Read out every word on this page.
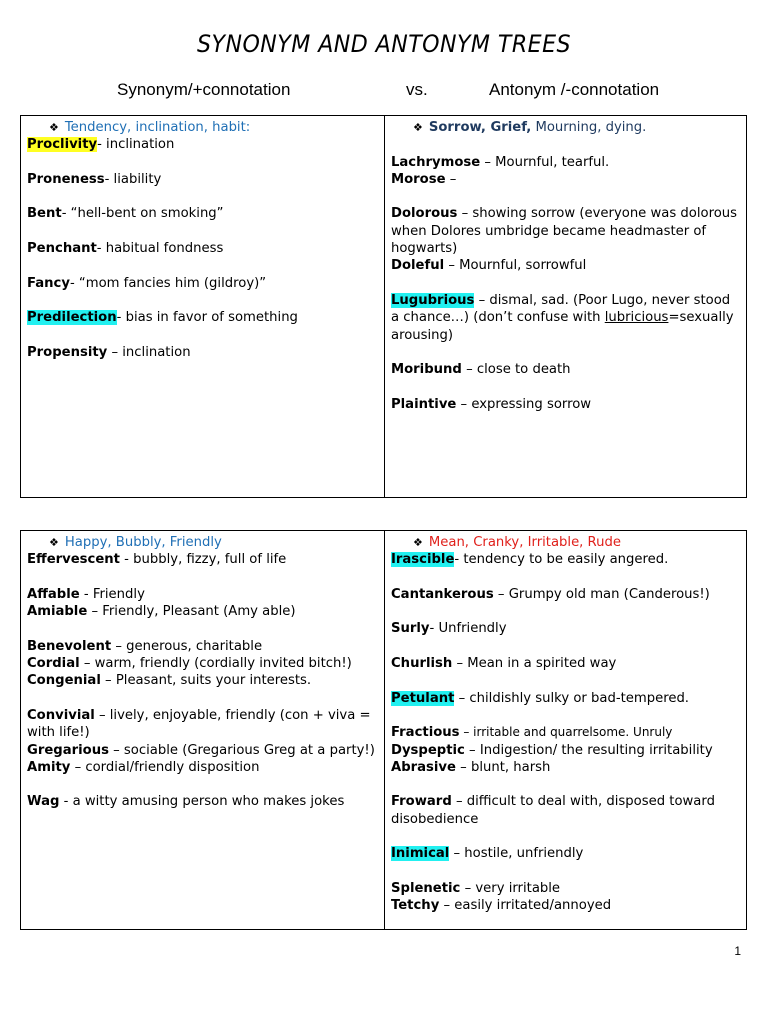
SYNONYM AND ANTONYM TREES
Synonym/+connotation	vs.	Antonym /-connotation
❖ Tendency, inclination, habit:
Proclivity- inclination
Proneness- liability
Bent- “hell-bent on smoking”
Penchant- habitual fondness
Fancy- “mom fancies him (gildroy)”
Predilection- bias in favor of something
Propensity – inclination
❖ Sorrow, Grief, Mourning, dying.
Lachrymose – Mournful, tearful.
Morose –
Dolorous – showing sorrow (everyone was dolorous when Dolores umbridge became headmaster of hogwarts)
Doleful – Mournful, sorrowful
Lugubrious – dismal, sad. (Poor Lugo, never stood a chance…) (don’t confuse with lubricious=sexually arousing)
Moribund – close to death
Plaintive – expressing sorrow
❖ Happy, Bubbly, Friendly
Effervescent - bubbly, fizzy, full of life
Affable - Friendly
Amiable – Friendly, Pleasant (Amy able)
Benevolent – generous, charitable
Cordial – warm, friendly (cordially invited bitch!)
Congenial – Pleasant, suits your interests.
Convivial – lively, enjoyable, friendly (con + viva = with life!)
Gregarious – sociable (Gregarious Greg at a party!)
Amity – cordial/friendly disposition
Wag - a witty amusing person who makes jokes
❖ Mean, Cranky, Irritable, Rude
Irascible- tendency to be easily angered.
Cantankerous – Grumpy old man (Canderous!)
Surly- Unfriendly
Churlish – Mean in a spirited way
Petulant – childishly sulky or bad-tempered.
Fractious – irritable and quarrelsome. Unruly
Dyspeptic – Indigestion/ the resulting irritability
Abrasive – blunt, harsh
Froward – difficult to deal with, disposed toward disobedience
Inimical – hostile, unfriendly
Splenetic – very irritable
Tetchy – easily irritated/annoyed
1
